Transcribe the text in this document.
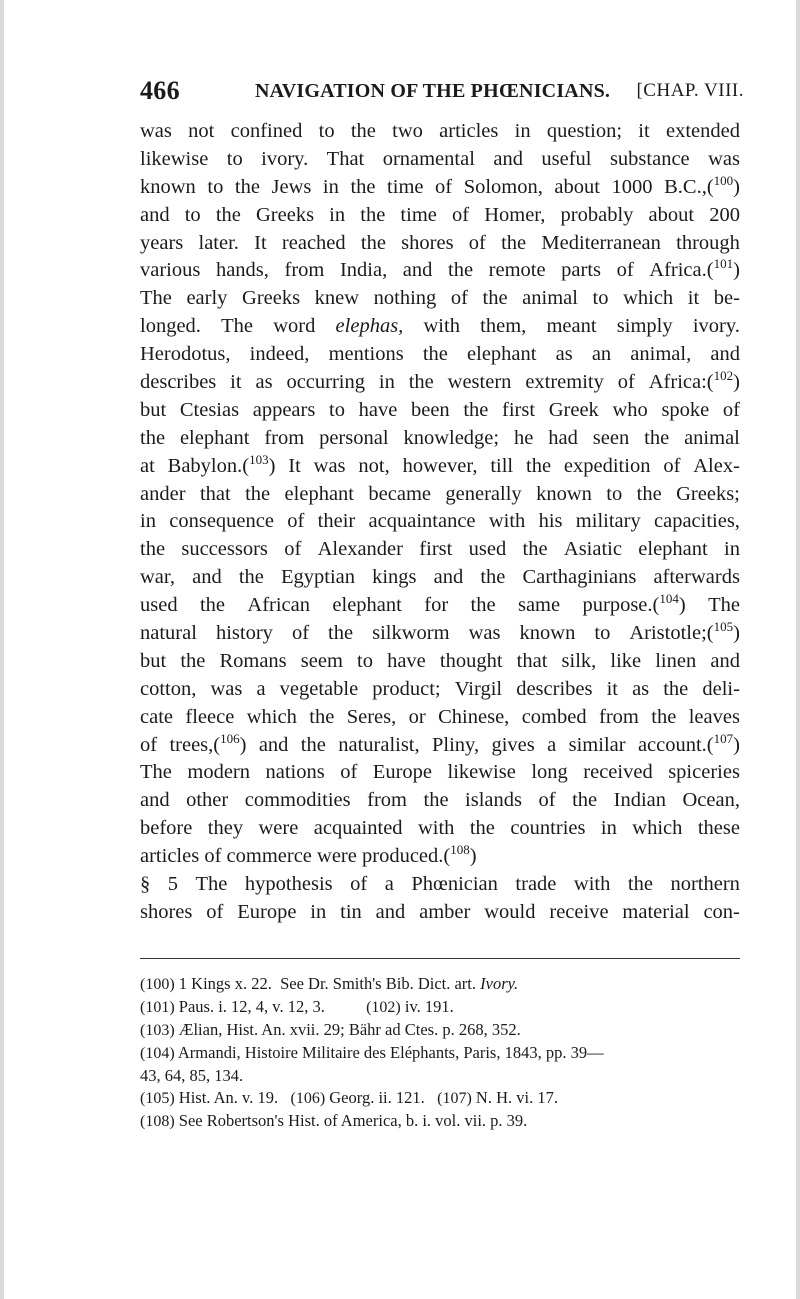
466	NAVIGATION OF THE PHŒNICIANS. [CHAP. VIII.
was not confined to the two articles in question; it extended
likewise to ivory. That ornamental and useful substance was
known to the Jews in the time of Solomon, about 1000 B.C.,($^{100}$)
and to the Greeks in the time of Homer, probably about 200
years later. It reached the shores of the Mediterranean through
various hands, from India, and the remote parts of Africa.($^{101}$)
The early Greeks knew nothing of the animal to which it be-
longed. The word elephas, with them, meant simply ivory.
Herodotus, indeed, mentions the elephant as an animal, and
describes it as occurring in the western extremity of Africa:($^{102}$)
but Ctesias appears to have been the first Greek who spoke of
the elephant from personal knowledge; he had seen the animal
at Babylon.($^{103}$) It was not, however, till the expedition of Alex-
ander that the elephant became generally known to the Greeks;
in consequence of their acquaintance with his military capacities,
the successors of Alexander first used the Asiatic elephant in
war, and the Egyptian kings and the Carthaginians afterwards
used the African elephant for the same purpose.($^{104}$) The
natural history of the silkworm was known to Aristotle;($^{105}$)
but the Romans seem to have thought that silk, like linen and
cotton, was a vegetable product; Virgil describes it as the deli-
cate fleece which the Seres, or Chinese, combed from the leaves
of trees,($^{106}$) and the naturalist, Pliny, gives a similar account.($^{107}$)
The modern nations of Europe likewise long received spiceries
and other commodities from the islands of the Indian Ocean,
before they were acquainted with the countries in which these
articles
of
commerce
were
produced.($^{108}$)
§ 5 The hypothesis of a Phœnician trade with the northern
shores of Europe in tin and amber would receive material con-
(100) 1 Kings x. 22.  See Dr. Smith's Bib. Dict. art. Ivory.
(101) Paus. i. 12, 4, v. 12, 3.          (102) iv. 191.
(103) Ælian, Hist. An. xvii. 29; Bähr ad Ctes. p. 268, 352.
(104) Armandi, Histoire Militaire des Eléphants, Paris, 1843, pp. 39—
43, 64, 85, 134.
(105) Hist. An. v. 19.   (106) Georg. ii. 121.   (107) N. H. vi. 17.
(108) See Robertson's Hist. of America, b. i. vol. vii. p. 39.
